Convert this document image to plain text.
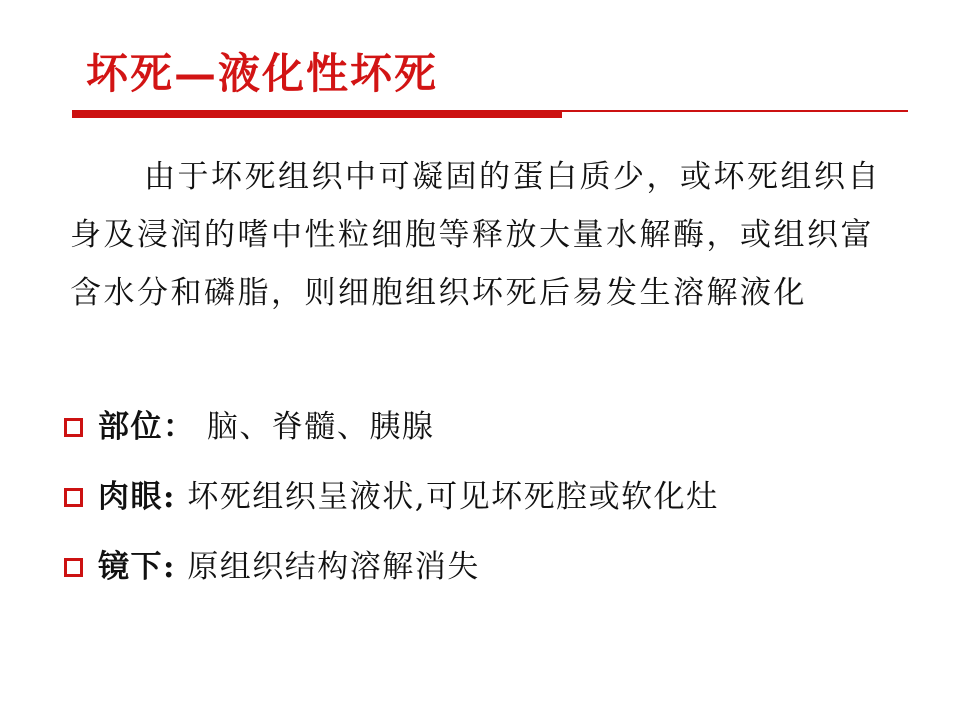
坏死—液化性坏死
由于坏死组织中可凝固的蛋白质少，或坏死组织自身及浸润的嗜中性粒细胞等释放大量水解酶，或组织富含水分和磷脂，则细胞组织坏死后易发生溶解液化
部位： 脑、脊髓、胰腺
肉眼: 坏死组织呈液状,可见坏死腔或软化灶
镜下: 原组织结构溶解消失
